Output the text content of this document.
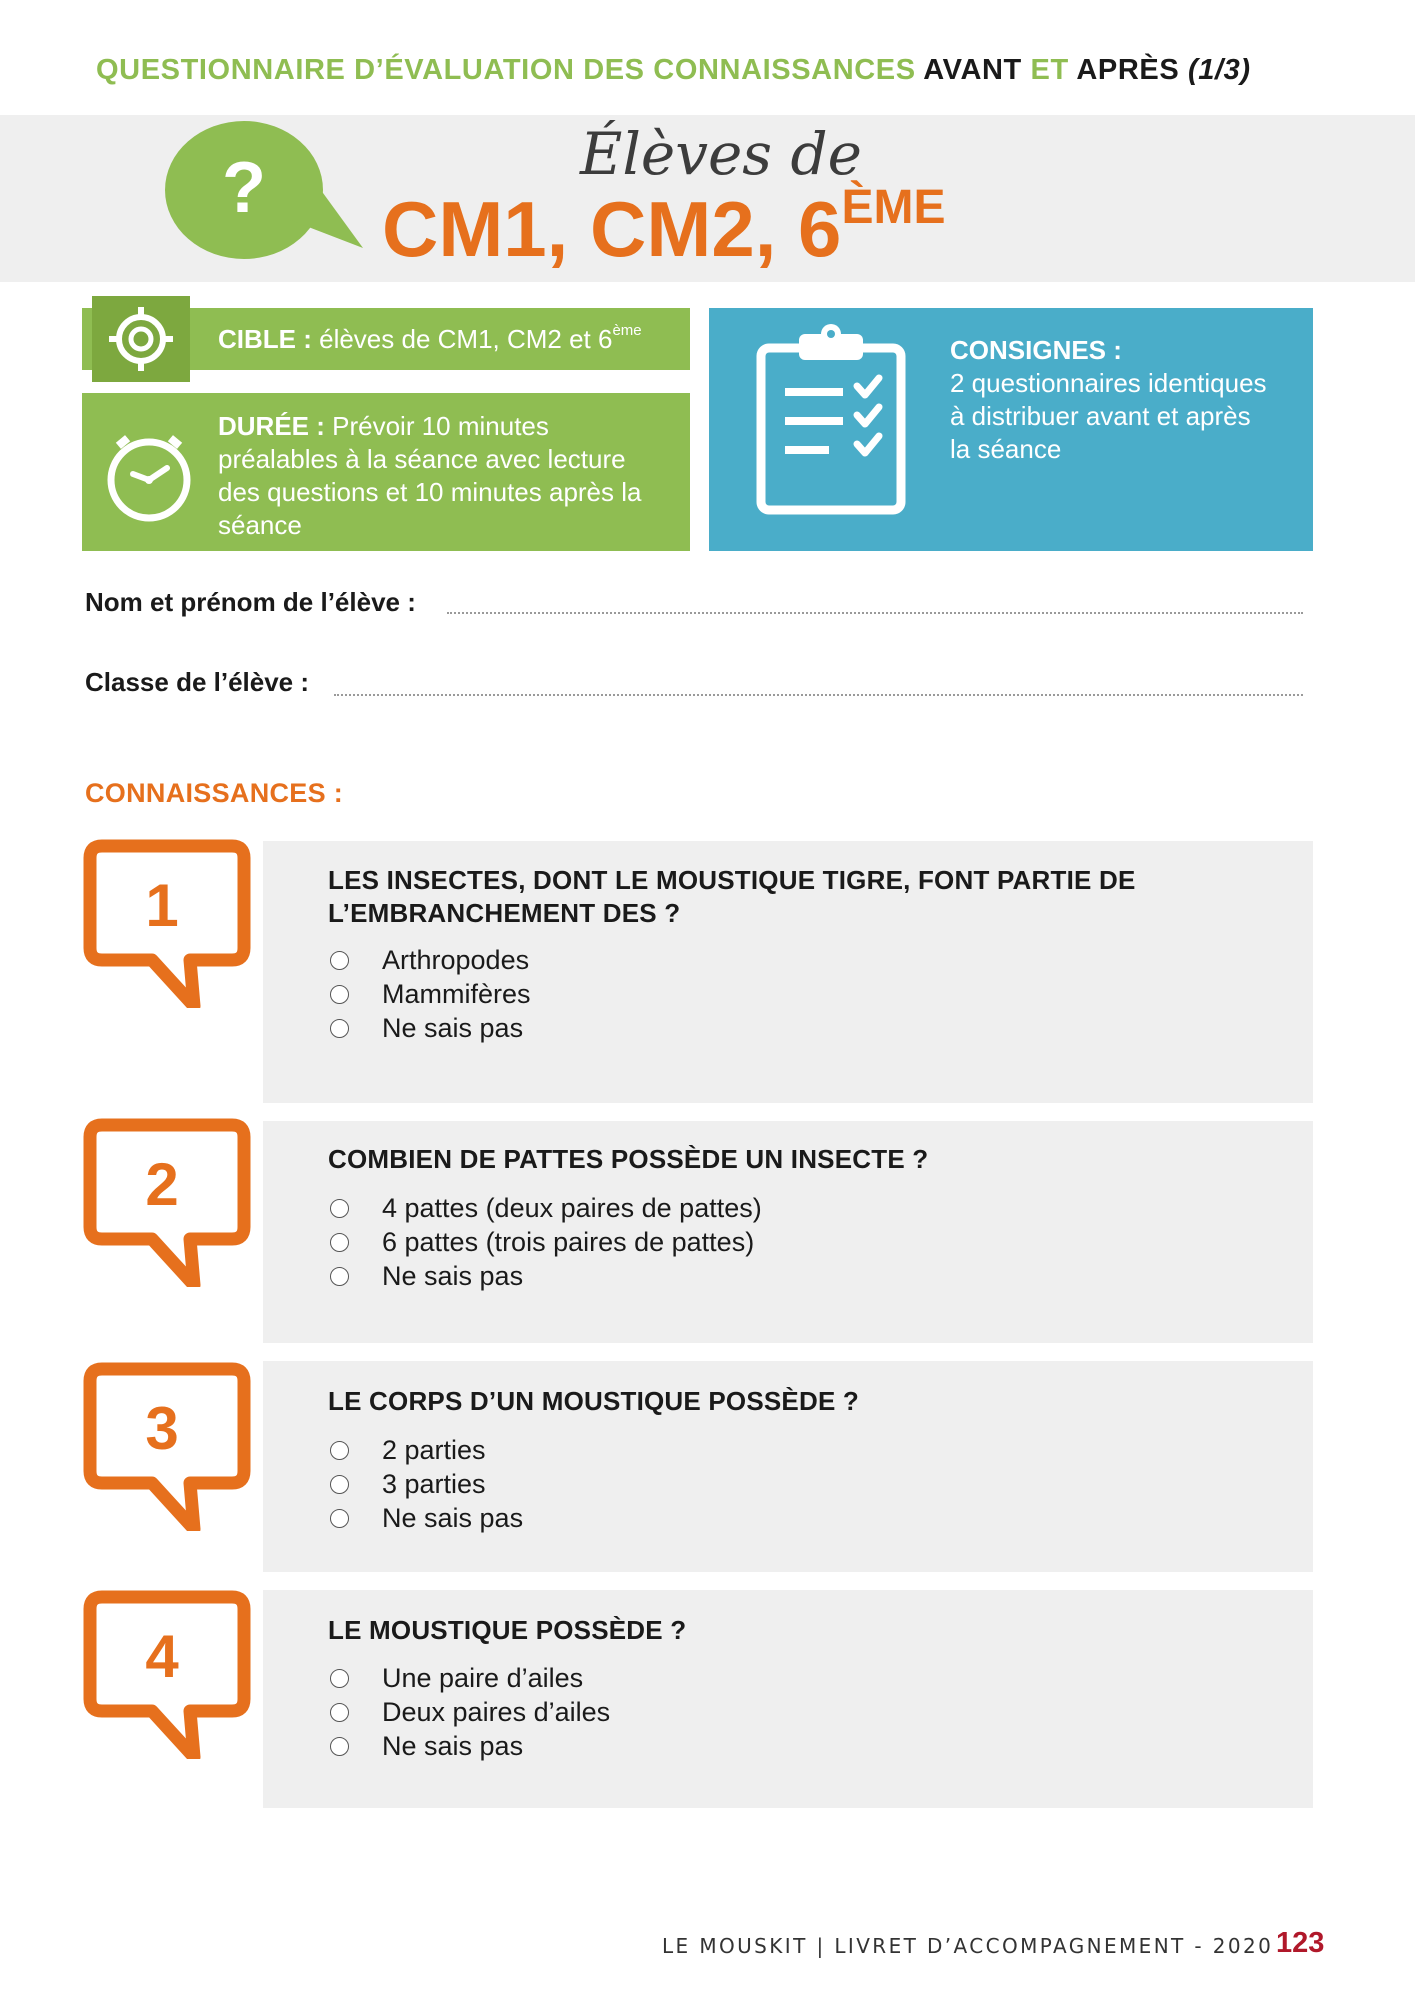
QUESTIONNAIRE D’ÉVALUATION DES CONNAISSANCES AVANT ET APRÈS (1/3)
?	Élèves de
CM1, CM2, 6ÈME
CIBLE : élèves de CM1, CM2 et 6ème
DURÉE : Prévoir 10 minutes préalables à la séance avec lecture des questions et 10 minutes après la séance
CONSIGNES :
2 questionnaires identiques à distribuer avant et après la séance
Nom et prénom de l’élève :
Classe de l’élève :
CONNAISSANCES :
1	LES INSECTES, DONT LE MOUSTIQUE TIGRE, FONT PARTIE DE L’EMBRANCHEMENT DES ?
Arthropodes
Mammifères
Ne sais pas
2	COMBIEN DE PATTES POSSÈDE UN INSECTE ?
4 pattes (deux paires de pattes)
6 pattes (trois paires de pattes)
Ne sais pas
3	LE CORPS D’UN MOUSTIQUE POSSÈDE ?
2 parties
3 parties
Ne sais pas
4	LE MOUSTIQUE POSSÈDE ?
Une paire d’ailes
Deux paires d’ailes
Ne sais pas
LE MOUSKIT | LIVRET D’ACCOMPAGNEMENT - 2020 123
